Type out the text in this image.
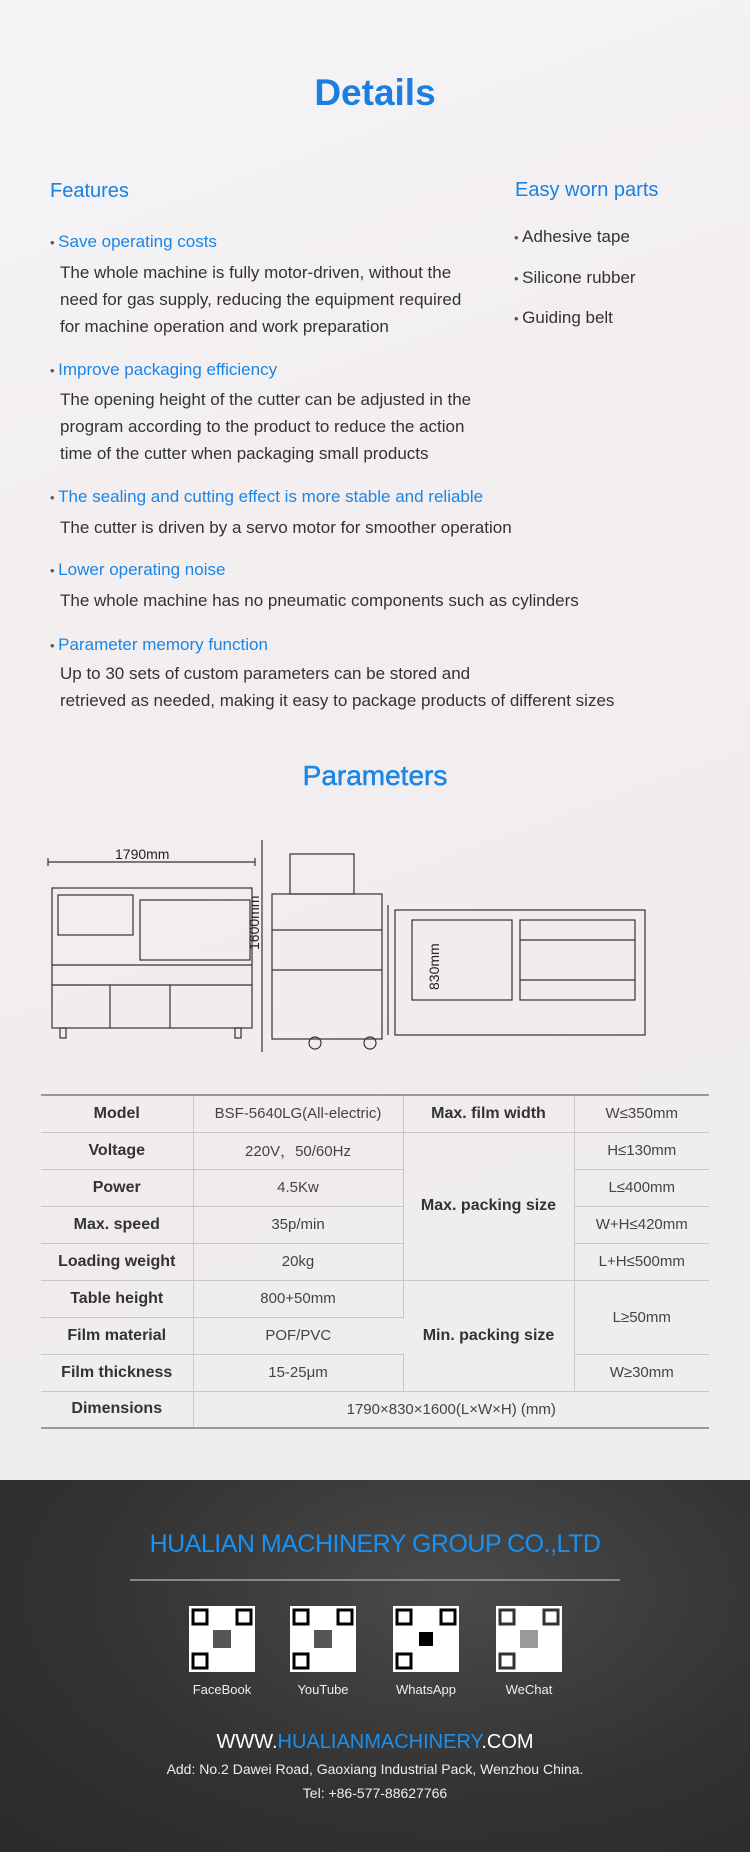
Details
Features	Easy worn parts
• Save operating costs
The whole machine is fully motor-driven, without the
need for gas supply, reducing the equipment required
for machine operation and work preparation
• Improve packaging efficiency
The opening height of the cutter can be adjusted in the
program according to the product to reduce the action
time of the cutter when packaging small products
• The sealing and cutting effect is more stable and reliable
The cutter is driven by a servo motor for smoother operation
• Lower operating noise
The whole machine has no pneumatic components such as cylinders
• Parameter memory function
Up to 30 sets of custom parameters can be stored and
retrieved as needed, making it easy to package products of different sizes
• Adhesive tape
• Silicone rubber
• Guiding belt
Parameters
1790mm
1600mm
830mm
Model	BSF-5640LG(All-electric)	Max. film width	W≤350mm
Voltage	220V，50/60Hz	Max. packing size	H≤130mm
Power	4.5Kw		L≤400mm
Max. speed	35p/min		W+H≤420mm
Loading weight	20kg		L+H≤500mm
Table height	800+50mm	Min. packing size	L≥50mm
Film material	POF/PVC		
Film thickness	15-25μm		W≥30mm
Dimensions	1790×830×1600(L×W×H) (mm)		
HUALIAN MACHINERY GROUP CO.,LTD
FaceBook	YouTube	WhatsApp	WeChat
WWW.HUALIANMACHINERY.COM
Add: No.2 Dawei Road, Gaoxiang Industrial Pack, Wenzhou China.
Tel: +86-577-88627766
